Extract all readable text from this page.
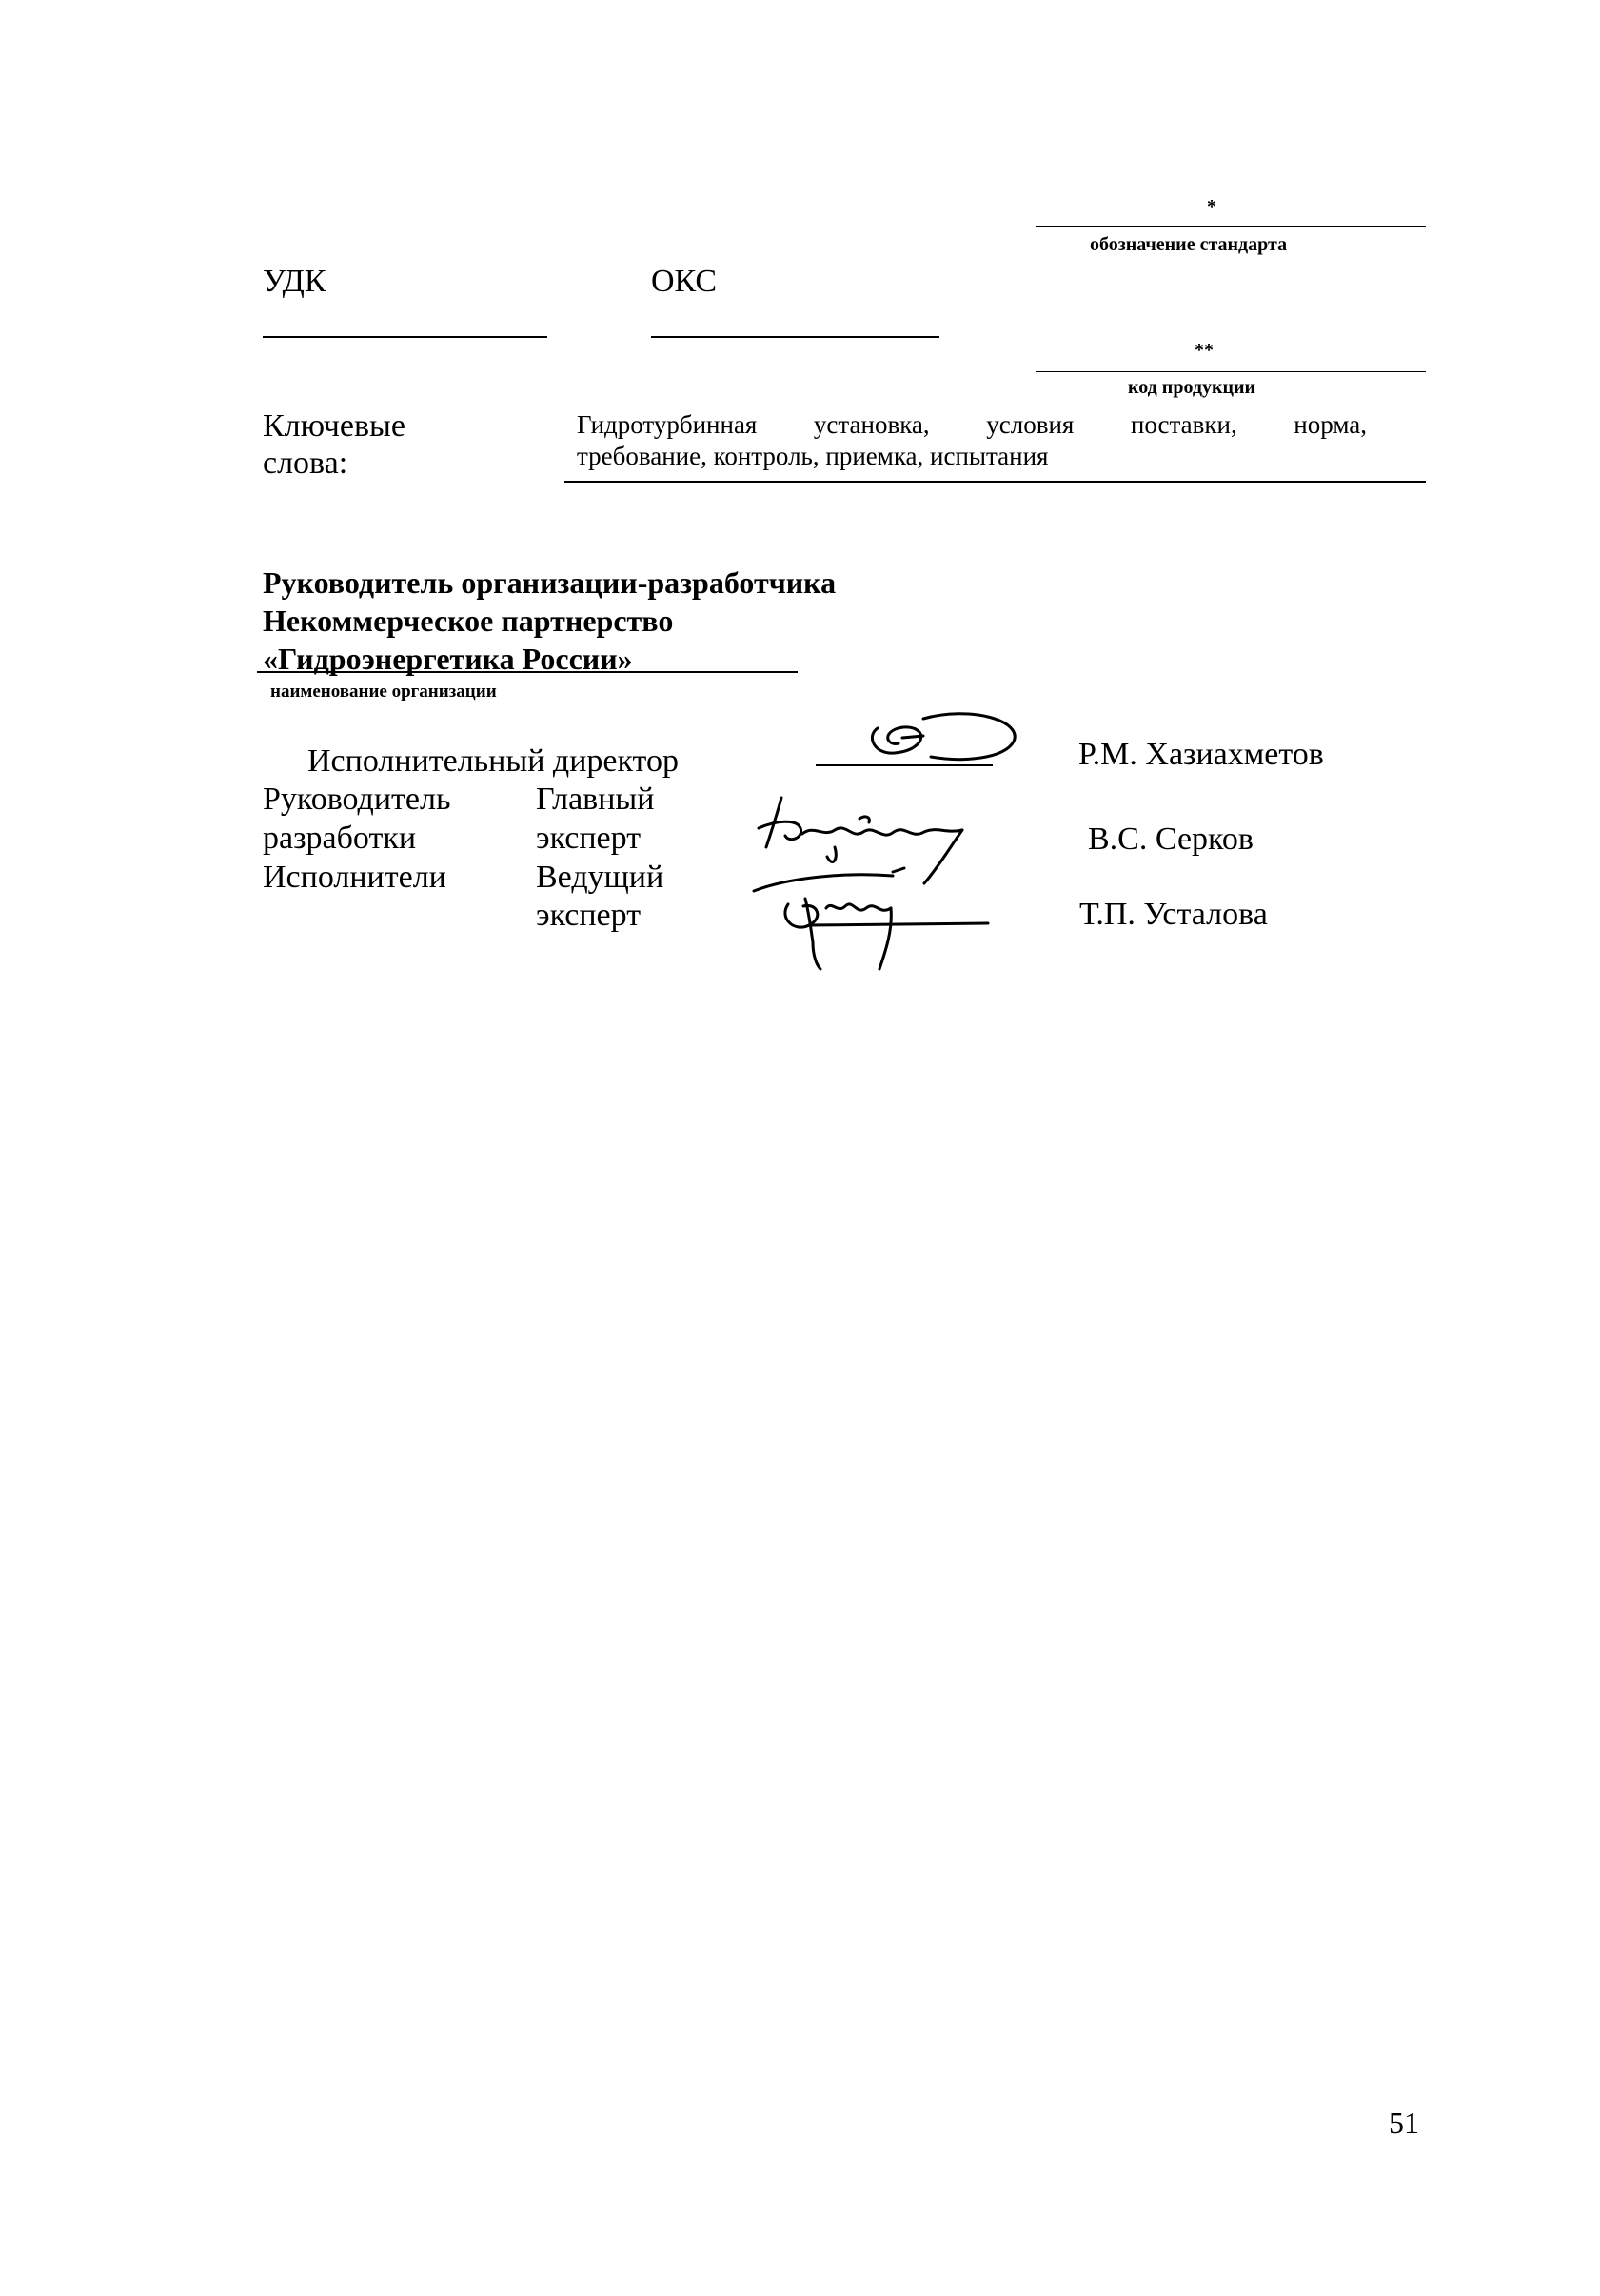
*
обозначение стандарта
УДК	ОКС
**
код продукции
Ключевые
слова:
Гидротурбинная установка, условия поставки, норма,
требование, контроль, приемка, испытания
Руководитель организации-разработчика
Некоммерческое партнерство
«Гидроэнергетика России»
наименование организации
Исполнительный директор	Р.М. Хазиахметов
Руководитель
разработки
Исполнители
Главный
эксперт
Ведущий
эксперт
В.С. Серков
Т.П. Усталова
51
